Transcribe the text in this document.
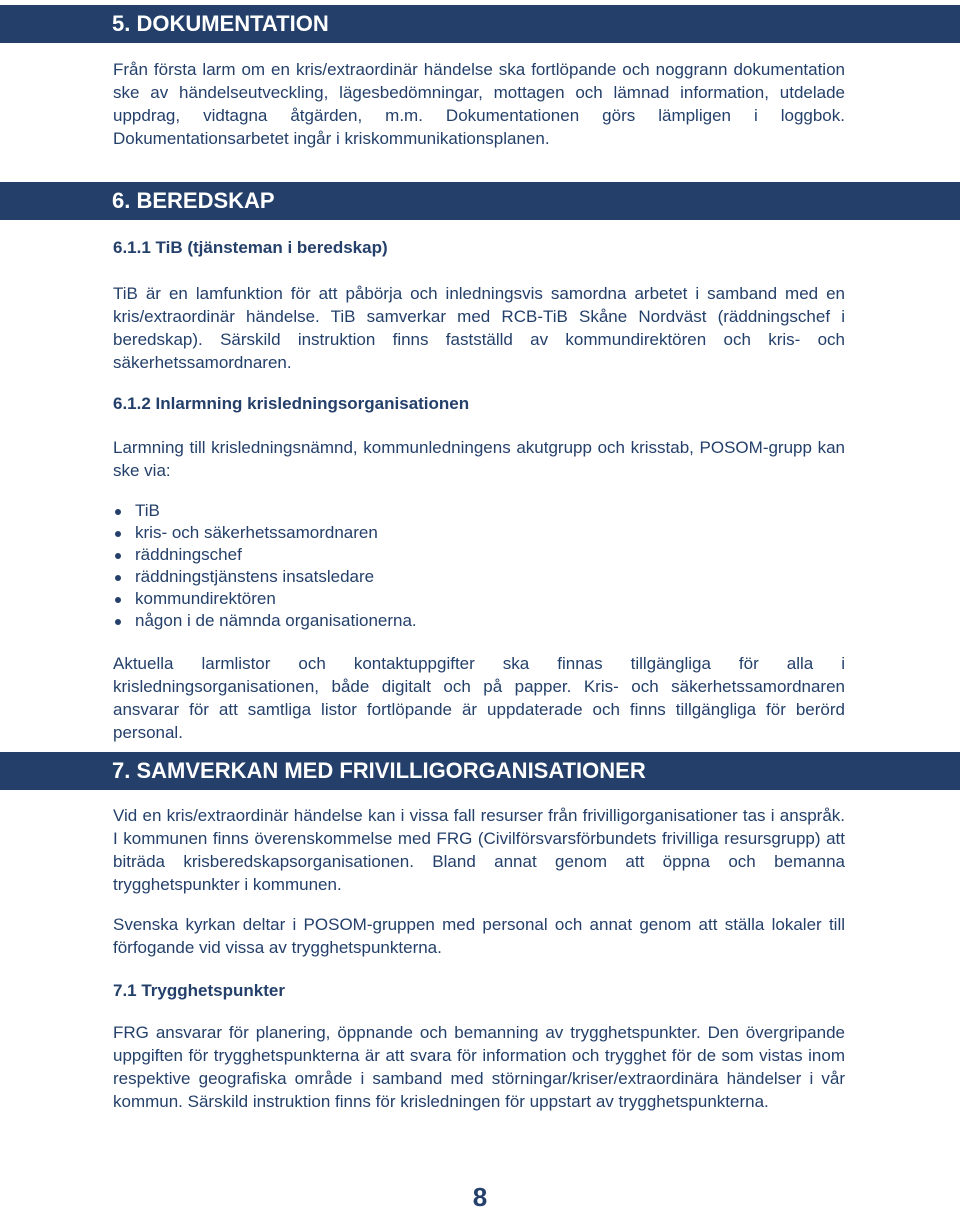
5. DOKUMENTATION

Från första larm om en kris/extraordinär händelse ska fortlöpande och noggrann dokumentation ske av händelseutveckling, lägesbedömningar, mottagen och lämnad information, utdelade uppdrag, vidtagna åtgärden, m.m. Dokumentationen görs lämpligen i loggbok. Dokumentationsarbetet ingår i kriskommunikationsplanen.

6. BEREDSKAP

6.1.1 TiB (tjänsteman i beredskap)

TiB är en lamfunktion för att påbörja och inledningsvis samordna arbetet i samband med en kris/extraordinär händelse. TiB samverkar med RCB-TiB Skåne Nordväst (räddningschef i beredskap). Särskild instruktion finns fastställd av kommundirektören och kris- och säkerhetssamordnaren.

6.1.2 Inlarmning krisledningsorganisationen

Larmning till krisledningsnämnd, kommunledningens akutgrupp och krisstab, POSOM-grupp kan ske via:

TiB
kris- och säkerhetssamordnaren
räddningschef
räddningstjänstens insatsledare
kommundirektören
någon i de nämnda organisationerna.

Aktuella larmlistor och kontaktuppgifter ska finnas tillgängliga för alla i krisledningsorganisationen, både digitalt och på papper. Kris- och säkerhetssamordnaren ansvarar för att samtliga listor fortlöpande är uppdaterade och finns tillgängliga för berörd personal.

7. SAMVERKAN MED FRIVILLIGORGANISATIONER

Vid en kris/extraordinär händelse kan i vissa fall resurser från frivilligorganisationer tas i anspråk. I kommunen finns överenskommelse med FRG (Civilförsvarsförbundets frivilliga resursgrupp) att biträda krisberedskapsorganisationen. Bland annat genom att öppna och bemanna trygghetspunkter i kommunen.

Svenska kyrkan deltar i POSOM-gruppen med personal och annat genom att ställa lokaler till förfogande vid vissa av trygghetspunkterna.

7.1 Trygghetspunkter

FRG ansvarar för planering, öppnande och bemanning av trygghetspunkter. Den övergripande uppgiften för trygghetspunkterna är att svara för information och trygghet för de som vistas inom respektive geografiska område i samband med störningar/kriser/extraordinära händelser i vår kommun. Särskild instruktion finns för krisledningen för uppstart av trygghetspunkterna.

8
